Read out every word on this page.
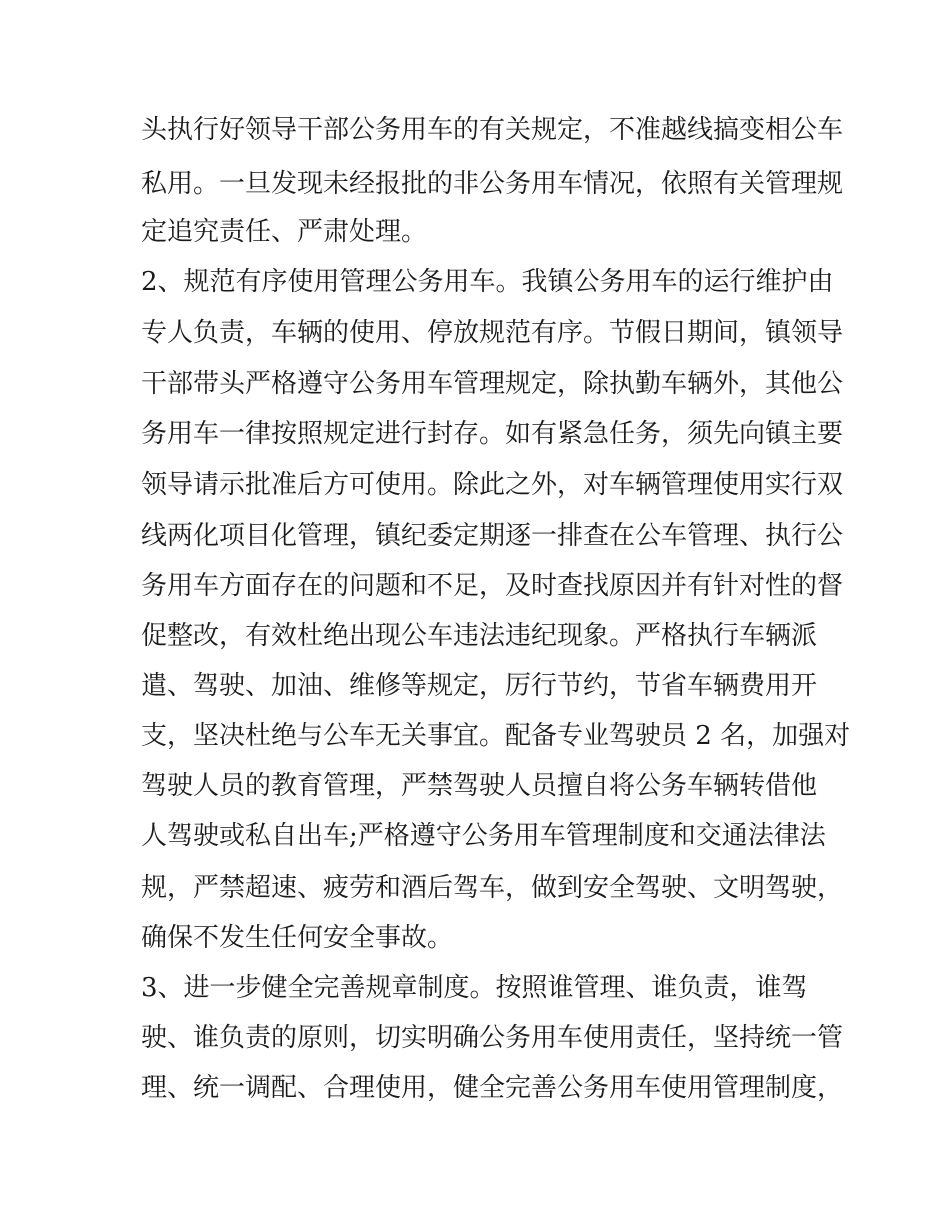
头执行好领导干部公务用车的有关规定，不准越线搞变相公车
私用。一旦发现未经报批的非公务用车情况，依照有关管理规
定追究责任、严肃处理。
2、规范有序使用管理公务用车。我镇公务用车的运行维护由
专人负责，车辆的使用、停放规范有序。节假日期间，镇领导
干部带头严格遵守公务用车管理规定，除执勤车辆外，其他公
务用车一律按照规定进行封存。如有紧急任务，须先向镇主要
领导请示批准后方可使用。除此之外，对车辆管理使用实行双
线两化项目化管理，镇纪委定期逐一排查在公车管理、执行公
务用车方面存在的问题和不足，及时查找原因并有针对性的督
促整改，有效杜绝出现公车违法违纪现象。严格执行车辆派
遣、驾驶、加油、维修等规定，厉行节约，节省车辆费用开
支，坚决杜绝与公车无关事宜。配备专业驾驶员 2 名，加强对
驾驶人员的教育管理，严禁驾驶人员擅自将公务车辆转借他
人驾驶或私自出车;严格遵守公务用车管理制度和交通法律法
规，严禁超速、疲劳和酒后驾车，做到安全驾驶、文明驾驶，
确保不发生任何安全事故。
3、进一步健全完善规章制度。按照谁管理、谁负责，谁驾
驶、谁负责的原则，切实明确公务用车使用责任，坚持统一管
理、统一调配、合理使用，健全完善公务用车使用管理制度，
